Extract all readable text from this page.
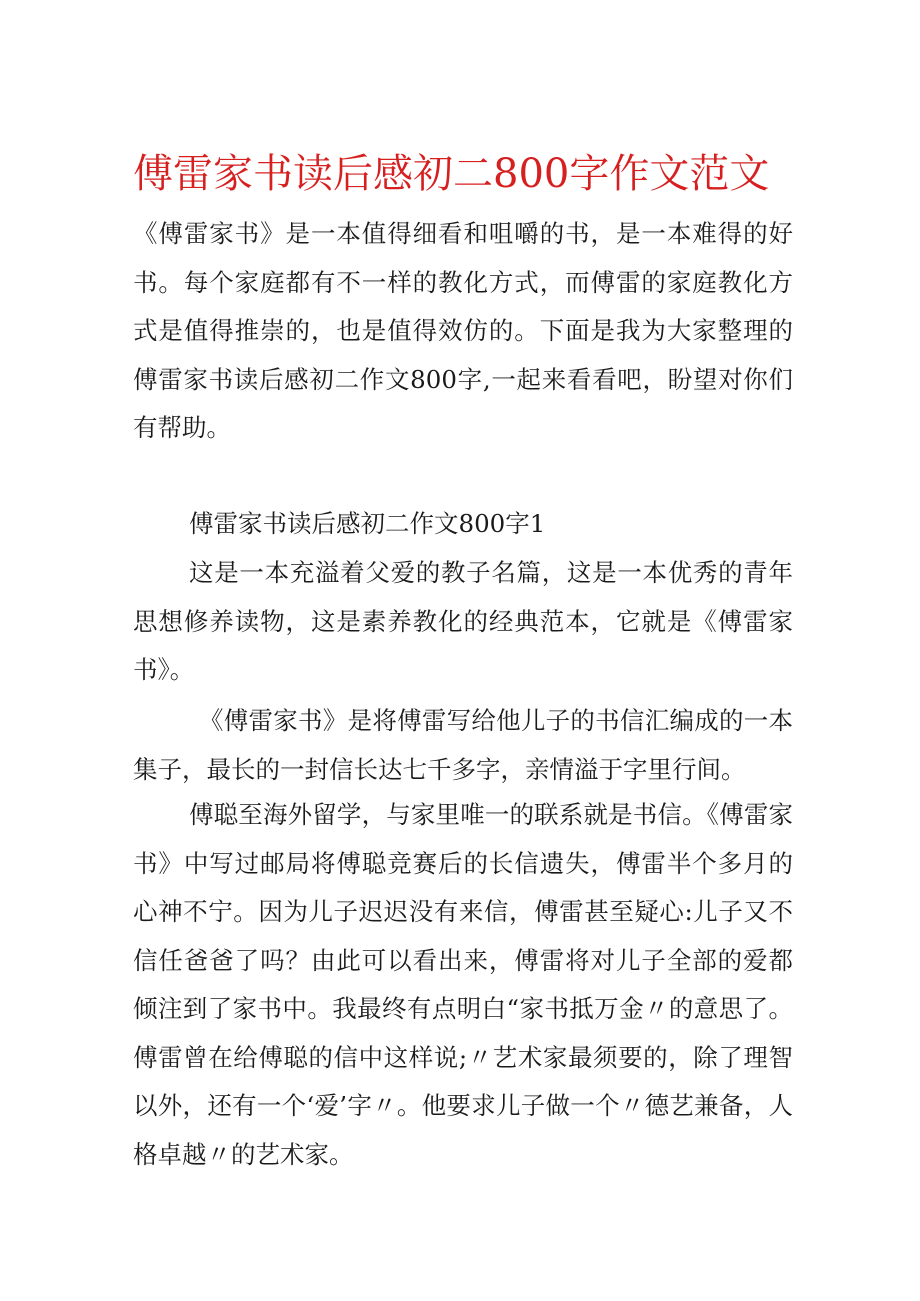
傅雷家书读后感初二800字作文范文

《傅雷家书》是一本值得细看和咀嚼的书，是一本难得的好书。每个家庭都有不一样的教化方式，而傅雷的家庭教化方式是值得推崇的，也是值得效仿的。下面是我为大家整理的傅雷家书读后感初二作文800字,一起来看看吧，盼望对你们有帮助。

傅雷家书读后感初二作文800字1

这是一本充溢着父爱的教子名篇，这是一本优秀的青年思想修养读物，这是素养教化的经典范本，它就是《傅雷家书》。

《傅雷家书》是将傅雷写给他儿子的书信汇编成的一本集子，最长的一封信长达七千多字，亲情溢于字里行间。

傅聪至海外留学，与家里唯一的联系就是书信。《傅雷家书》中写过邮局将傅聪竞赛后的长信遗失，傅雷半个多月的心神不宁。因为儿子迟迟没有来信，傅雷甚至疑心:儿子又不信任爸爸了吗？由此可以看出来，傅雷将对儿子全部的爱都倾注到了家书中。我最终有点明白“家书抵万金〃的意思了。傅雷曾在给傅聪的信中这样说;〃艺术家最须要的，除了理智以外，还有一个‘爱’字〃。他要求儿子做一个〃德艺兼备，人格卓越〃的艺术家。
